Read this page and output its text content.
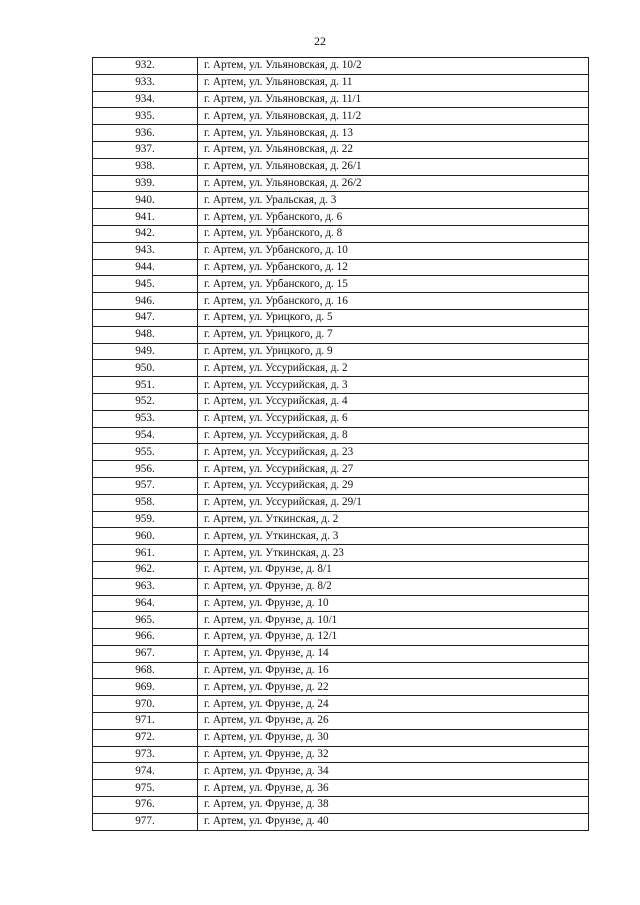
22
932.	г. Артем, ул. Ульяновская, д. 10/2
933.	г. Артем, ул. Ульяновская, д. 11
934.	г. Артем, ул. Ульяновская, д. 11/1
935.	г. Артем, ул. Ульяновская, д. 11/2
936.	г. Артем, ул. Ульяновская, д. 13
937.	г. Артем, ул. Ульяновская, д. 22
938.	г. Артем, ул. Ульяновская, д. 26/1
939.	г. Артем, ул. Ульяновская, д. 26/2
940.	г. Артем, ул. Уральская, д. 3
941.	г. Артем, ул. Урбанского, д. 6
942.	г. Артем, ул. Урбанского, д. 8
943.	г. Артем, ул. Урбанского, д. 10
944.	г. Артем, ул. Урбанского, д. 12
945.	г. Артем, ул. Урбанского, д. 15
946.	г. Артем, ул. Урбанского, д. 16
947.	г. Артем, ул. Урицкого, д. 5
948.	г. Артем, ул. Урицкого, д. 7
949.	г. Артем, ул. Урицкого, д. 9
950.	г. Артем, ул. Уссурийская, д. 2
951.	г. Артем, ул. Уссурийская, д. 3
952.	г. Артем, ул. Уссурийская, д. 4
953.	г. Артем, ул. Уссурийская, д. 6
954.	г. Артем, ул. Уссурийская, д. 8
955.	г. Артем, ул. Уссурийская, д. 23
956.	г. Артем, ул. Уссурийская, д. 27
957.	г. Артем, ул. Уссурийская, д. 29
958.	г. Артем, ул. Уссурийская, д. 29/1
959.	г. Артем, ул. Уткинская, д. 2
960.	г. Артем, ул. Уткинская, д. 3
961.	г. Артем, ул. Уткинская, д. 23
962.	г. Артем, ул. Фрунзе, д. 8/1
963.	г. Артем, ул. Фрунзе, д. 8/2
964.	г. Артем, ул. Фрунзе, д. 10
965.	г. Артем, ул. Фрунзе, д. 10/1
966.	г. Артем, ул. Фрунзе, д. 12/1
967.	г. Артем, ул. Фрунзе, д. 14
968.	г. Артем, ул. Фрунзе, д. 16
969.	г. Артем, ул. Фрунзе, д. 22
970.	г. Артем, ул. Фрунзе, д. 24
971.	г. Артем, ул. Фрунзе, д. 26
972.	г. Артем, ул. Фрунзе, д. 30
973.	г. Артем, ул. Фрунзе, д. 32
974.	г. Артем, ул. Фрунзе, д. 34
975.	г. Артем, ул. Фрунзе, д. 36
976.	г. Артем, ул. Фрунзе, д. 38
977.	г. Артем, ул. Фрунзе, д. 40
